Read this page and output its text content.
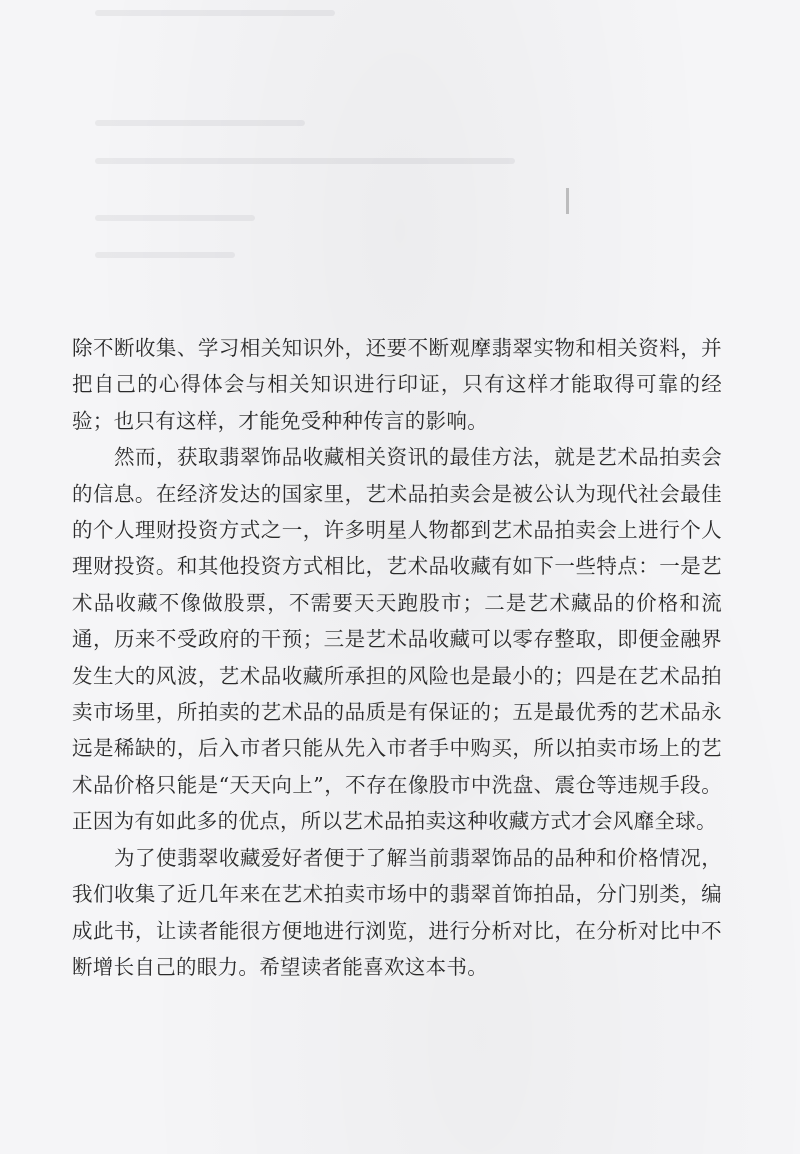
除不断收集、学习相关知识外，还要不断观摩翡翠实物和相关资料，并把自己的心得体会与相关知识进行印证，只有这样才能取得可靠的经验；也只有这样，才能免受种种传言的影响。

然而，获取翡翠饰品收藏相关资讯的最佳方法，就是艺术品拍卖会的信息。在经济发达的国家里，艺术品拍卖会是被公认为现代社会最佳的个人理财投资方式之一，许多明星人物都到艺术品拍卖会上进行个人理财投资。和其他投资方式相比，艺术品收藏有如下一些特点：一是艺术品收藏不像做股票，不需要天天跑股市；二是艺术藏品的价格和流通，历来不受政府的干预；三是艺术品收藏可以零存整取，即便金融界发生大的风波，艺术品收藏所承担的风险也是最小的；四是在艺术品拍卖市场里，所拍卖的艺术品的品质是有保证的；五是最优秀的艺术品永远是稀缺的，后入市者只能从先入市者手中购买，所以拍卖市场上的艺术品价格只能是“天天向上”，不存在像股市中洗盘、震仓等违规手段。正因为有如此多的优点，所以艺术品拍卖这种收藏方式才会风靡全球。

为了使翡翠收藏爱好者便于了解当前翡翠饰品的品种和价格情况，我们收集了近几年来在艺术拍卖市场中的翡翠首饰拍品，分门别类，编成此书，让读者能很方便地进行浏览，进行分析对比，在分析对比中不断增长自己的眼力。希望读者能喜欢这本书。
